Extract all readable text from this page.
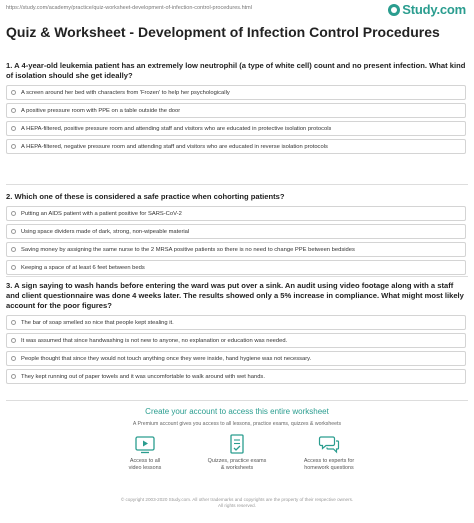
https://study.com/academy/practice/quiz-worksheet-development-of-infection-control-procedures.html	Study.com
Quiz & Worksheet - Development of Infection Control Procedures

1. A 4-year-old leukemia patient has an extremely low neutrophil (a type of white cell) count and no present infection. What kind of isolation should she get ideally?

A screen around her bed with characters from 'Frozen' to help her psychologically
A positive pressure room with PPE on a table outside the door
A HEPA-filtered, positive pressure room and attending staff and visitors who are educated in protective isolation protocols
A HEPA-filtered, negative pressure room and attending staff and visitors who are educated in reverse isolation protocols

2. Which one of these is considered a safe practice when cohorting patients?

Putting an AIDS patient with a patient positive for SARS-CoV-2
Using space dividers made of dark, strong, non-wipeable material
Saving money by assigning the same nurse to the 2 MRSA positive patients so there is no need to change PPE between bedsides
Keeping a space of at least 6 feet between beds

3. A sign saying to wash hands before entering the ward was put over a sink. An audit using video footage along with a staff and client questionnaire was done 4 weeks later. The results showed only a 5% increase in compliance. What might most likely account for the poor figures?

The bar of soap smelled so nice that people kept stealing it.
It was assumed that since handwashing is not new to anyone, no explanation or education was needed.
People thought that since they would not touch anything once they were inside, hand hygiene was not necessary.
They kept running out of paper towels and it was uncomfortable to walk around with wet hands.
Create your account to access this entire worksheet
A Premium account gives you access to all lessons, practice exams, quizzes & worksheets
Access to all
video lessons
Quizzes, practice exams
& worksheets
Access to experts for
homework questions
© copyright 2003-2020 Study.com. All other trademarks and copyrights are the property of their respective owners.
All rights reserved.
